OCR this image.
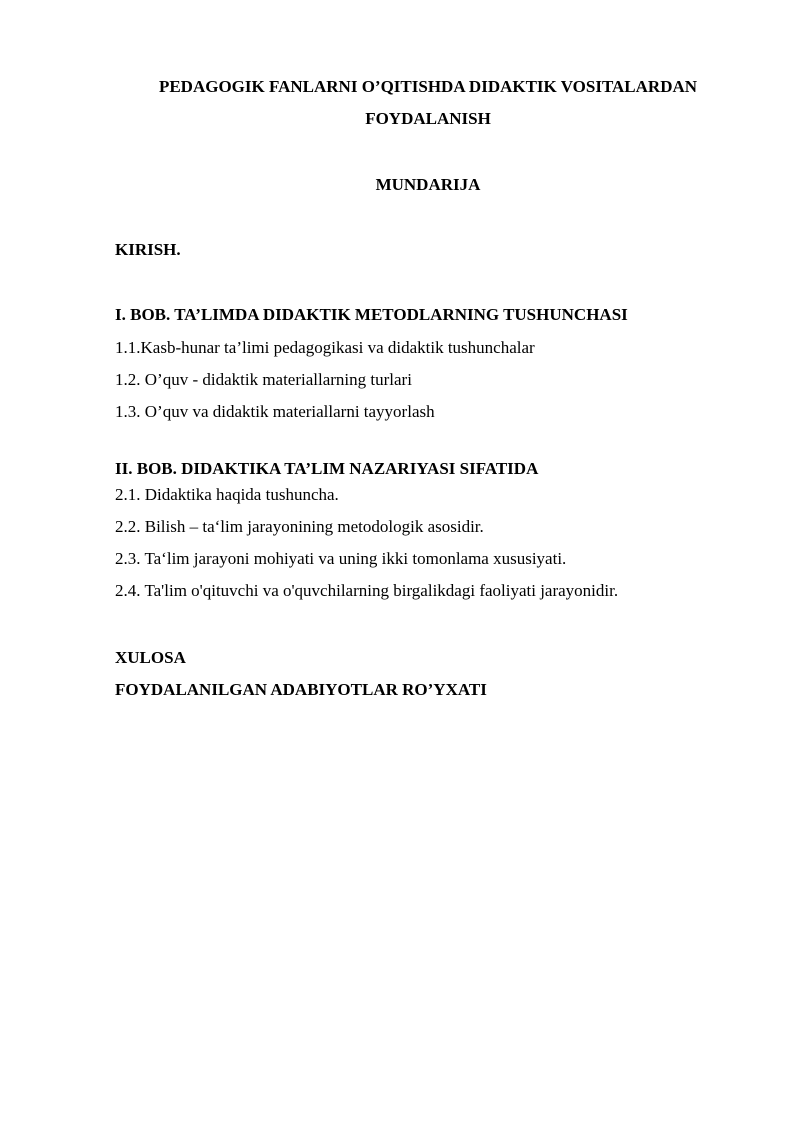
PEDAGOGIK FANLARNI O’QITISHDA DIDAKTIK VOSITALARDAN
FOYDALANISH
MUNDARIJA
KIRISH.
I. BOB. TA’LIMDA DIDAKTIK METODLARNING TUSHUNCHASI
1.1.Kasb-hunar ta’limi pedagogikasi va didaktik tushunchalar
1.2. O’quv - didaktik materiallarning turlari
1.3. O’quv va didaktik materiallarni tayyorlash
II. BOB. DIDAKTIKA TA’LIM NAZARIYASI SIFATIDA
2.1. Didaktika haqida tushuncha.
2.2. Bilish – ta‘lim jarayonining metodologik asosidir.
2.3. Ta‘lim jarayoni mohiyati va uning ikki tomonlama xususiyati.
2.4. Ta'lim o'qituvchi va o'quvchilarning birgalikdagi faoliyati jarayonidir.
XULOSA
FOYDALANILGAN ADABIYOTLAR RO’YXATI
